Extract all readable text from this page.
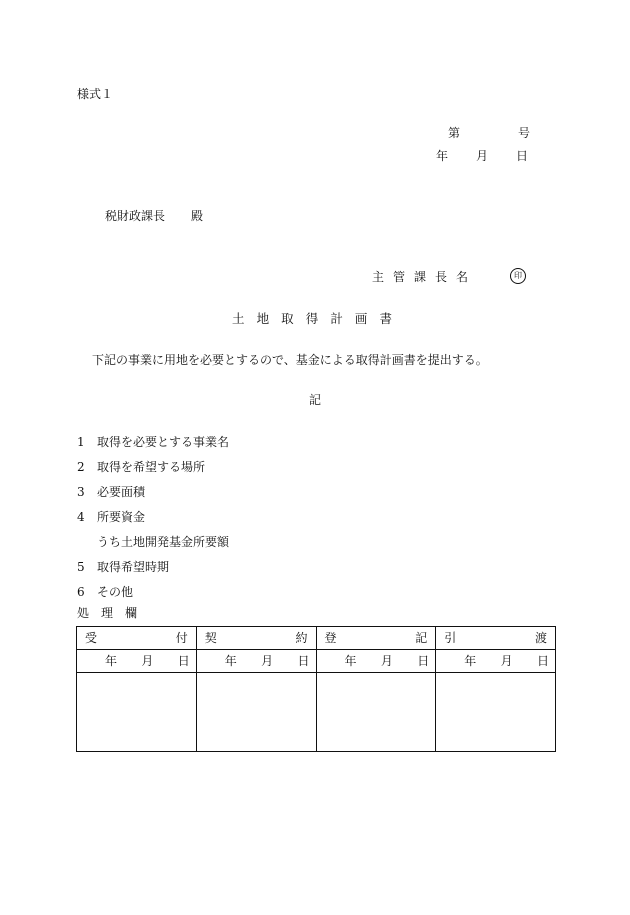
様式１
第	号
年 月 日
税財政課長 殿
主 管 課 長 名	印
土 地 取 得 計 画 書
下記の事業に用地を必要とするので、基金による取得計画書を提出する。
記
1 取得を必要とする事業名
2 取得を希望する場所
3 必要面積
4 所要資金
うち土地開発基金所要額
5 取得希望時期
6 その他
処 理 欄
受 付	契 約	登 記	引 渡

年 月 日	年 月 日	年 月 日	年 月 日
